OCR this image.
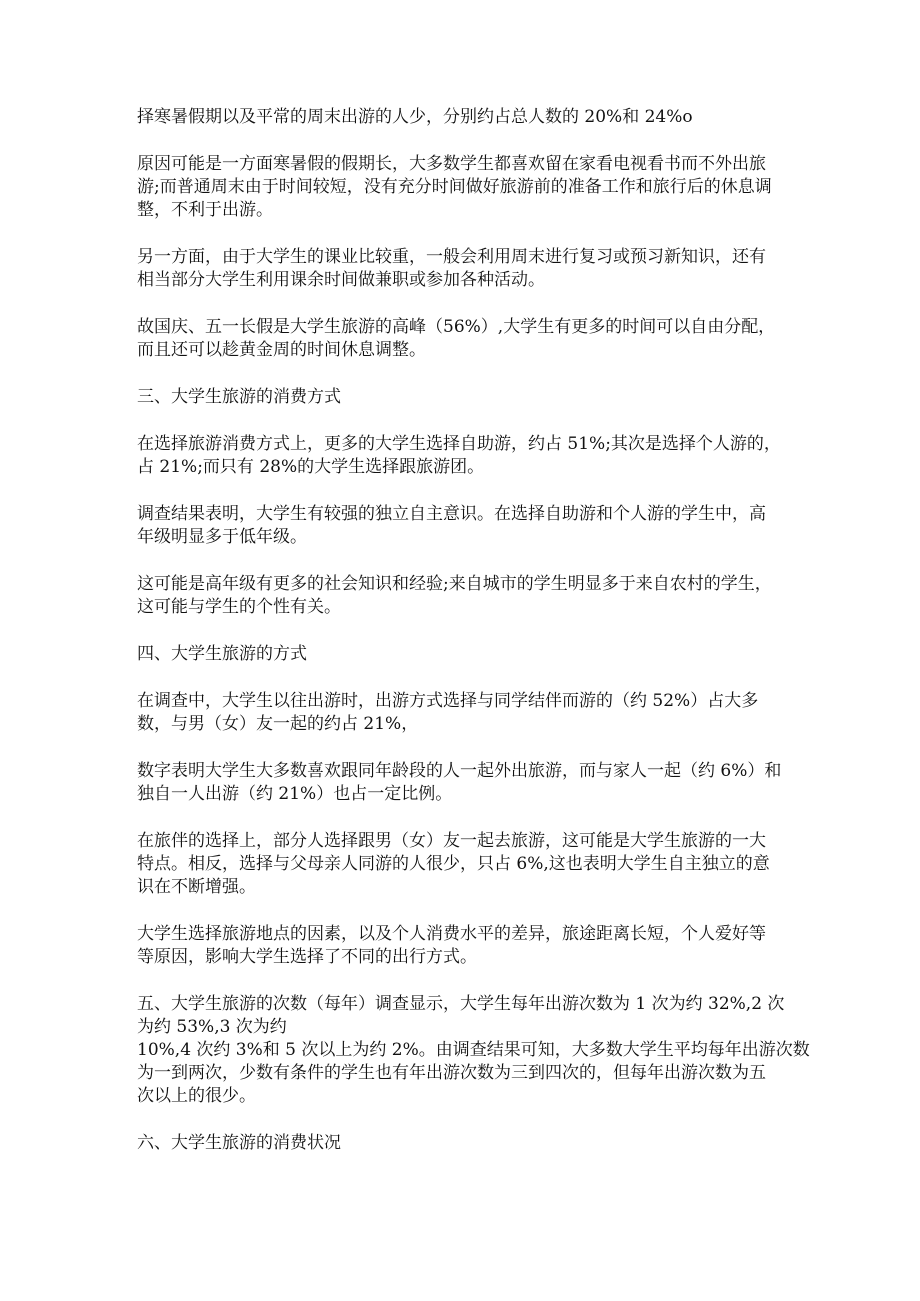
择寒暑假期以及平常的周末出游的人少，分别约占总人数的 20%和 24%o
原因可能是一方面寒暑假的假期长，大多数学生都喜欢留在家看电视看书而不外出旅
游;而普通周末由于时间较短，没有充分时间做好旅游前的准备工作和旅行后的休息调
整，不利于出游。
另一方面，由于大学生的课业比较重，一般会利用周末进行复习或预习新知识，还有
相当部分大学生利用课余时间做兼职或参加各种活动。
故国庆、五一长假是大学生旅游的高峰（56%）,大学生有更多的时间可以自由分配，
而且还可以趁黄金周的时间休息调整。
三、大学生旅游的消费方式
在选择旅游消费方式上，更多的大学生选择自助游，约占 51%;其次是选择个人游的，
占 21%;而只有 28%的大学生选择跟旅游团。
调查结果表明，大学生有较强的独立自主意识。在选择自助游和个人游的学生中，高
年级明显多于低年级。
这可能是高年级有更多的社会知识和经验;来自城市的学生明显多于来自农村的学生，
这可能与学生的个性有关。
四、大学生旅游的方式
在调查中，大学生以往出游时，出游方式选择与同学结伴而游的（约 52%）占大多
数，与男（女）友一起的约占 21%，
数字表明大学生大多数喜欢跟同年龄段的人一起外出旅游，而与家人一起（约 6%）和
独自一人出游（约 21%）也占一定比例。
在旅伴的选择上，部分人选择跟男（女）友一起去旅游，这可能是大学生旅游的一大
特点。相反，选择与父母亲人同游的人很少，只占 6%,这也表明大学生自主独立的意
识在不断增强。
大学生选择旅游地点的因素，以及个人消费水平的差异，旅途距离长短，个人爱好等
等原因，影响大学生选择了不同的出行方式。
五、大学生旅游的次数（每年）调查显示，大学生每年出游次数为 1 次为约 32%,2 次
为约 53%,3 次为约
10%,4 次约 3%和 5 次以上为约 2%。由调查结果可知，大多数大学生平均每年出游次数
为一到两次，少数有条件的学生也有年出游次数为三到四次的，但每年出游次数为五
次以上的很少。
六、大学生旅游的消费状况
